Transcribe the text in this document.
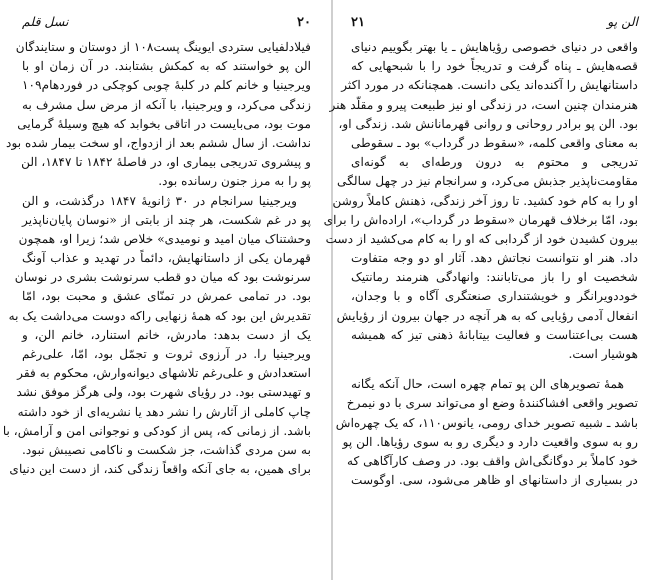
۲۰
نسل قلم
فیلادلفیایی ستردی ایوینگ پست۱۰۸ از دوستان و ستایندگان
الن پو خواستند که به کمکش بشتابند. در آن زمان او با
ویرجینیا و خانم کلم در کلبهٔ چوبی کوچکی در فوردهام۱۰۹
زندگی می‌کرد، و ویرجینیا، با آنکه از مرض سل مشرف به
موت بود، می‌بایست در اتاقی بخوابد که هیچ وسیلهٔ گرمایی
نداشت. از سال ششم بعد از ازدواج، او سخت بیمار شده بود
و پیشروی تدریجی بیماری او، در فاصلهٔ ۱۸۴۲ تا ۱۸۴۷، الن
پو را به مرز جنون رسانده بود.
ویرجینیا سرانجام در ۳۰ ژانویهٔ ۱۸۴۷ درگذشت، و الن
پو در غم شکست، هر چند از بابتی از «نوسان پایان‌ناپذیر
وحشتناک میان امید و نومیدی» خلاص شد؛ زیرا او، همچون
قهرمان یکی از داستانهایش، دائماً در تهدید و عذاب آونگ
سرنوشت بود که میان دو قطب سرنوشت بشری در نوسان
بود. در تمامی عمرش در تمنّای عشق و محبت بود، امّا
تقدیرش این بود که همهٔ زنهایی راکه دوست می‌داشت یک به
یک از دست بدهد: مادرش، خانم استنارد، خانم الن، و
ویرجینیا را. در آرزوی ثروت و تجمّل بود، امّا، علی‌رغم
استعدادش و علی‌رغم تلاشهای دیوانه‌وارش، محکوم به فقر
و تهیدستی بود. در رؤیای شهرت بود، ولی هرگز موفق نشد
چاپ کاملی از آثارش را نشر دهد یا نشریه‌ای از خود داشته
باشد. از زمانی که، پس از کودکی و نوجوانی امن و آرامش، با
به سن مردی گذاشت، جز شکست و ناکامی نصیبش نبود.
برای همین، به جای آنکه واقعاً زندگی کند، از دست این دنیای
الن پو
۲۱
واقعی در دنیای خصوصی رؤیاهایش ـ یا بهتر بگوییم دنیای
قصه‌هایش ـ پناه گرفت و تدریجاً خود را با شبحهایی که
داستانهایش را آکنده‌اند یکی دانست. همچنانکه در مورد اکثر
هنرمندان چنین است، در زندگی او نیز طبیعت پیرو و مقلّد هنر
بود. الن پو برادر روحانی و روانی قهرمانانش شد. زندگی او،
به معنای واقعی کلمه، «سقوط در گرداب» بود ـ سقوطی
تدریجی و محتوم به درون ورطه‌ای به گونه‌ای
مقاومت‌ناپذیر جذبش می‌کرد، و سرانجام نیز در چهل سالگی
او را به کام خود کشید. تا روز آخر زندگی، ذهنش کاملاً روشن
بود، امّا برخلاف قهرمان «سقوط در گرداب»، اراده‌اش را برای
بیرون کشیدن خود از گردابی که او را به کام می‌کشید از دست
داد. هنر او نتوانست نجاتش دهد. آثار او دو وجه متفاوت
شخصیت او را باز می‌تابانند: وانهادگی هنرمند رمانتیک
خوددویرانگر و خویشتنداری صنعتگری آگاه و با وجدان،
انفعال آدمی رؤیایی که به هر آنچه در جهان بیرون از رؤیایش
هست بی‌اعتناست و فعالیت بیتابانهٔ ذهنی تیز که همیشه
هوشیار است.
همهٔ تصویرهای الن پو تمام چهره است، حال آنکه یگانه
تصویر واقعی افشاکنندهٔ وضع او می‌تواند سری با دو نیمرخ
باشد ـ شبیه تصویر خدای رومی، یانوس۱۱۰، که یک چهره‌اش
رو به سوی واقعیت دارد و دیگری رو به سوی رؤیاها. الن پو
خود کاملاً بر دوگانگی‌اش واقف بود. در وصف کارآگاهی که
در بسیاری از داستانهای او ظاهر می‌شود، سی. اوگوست
